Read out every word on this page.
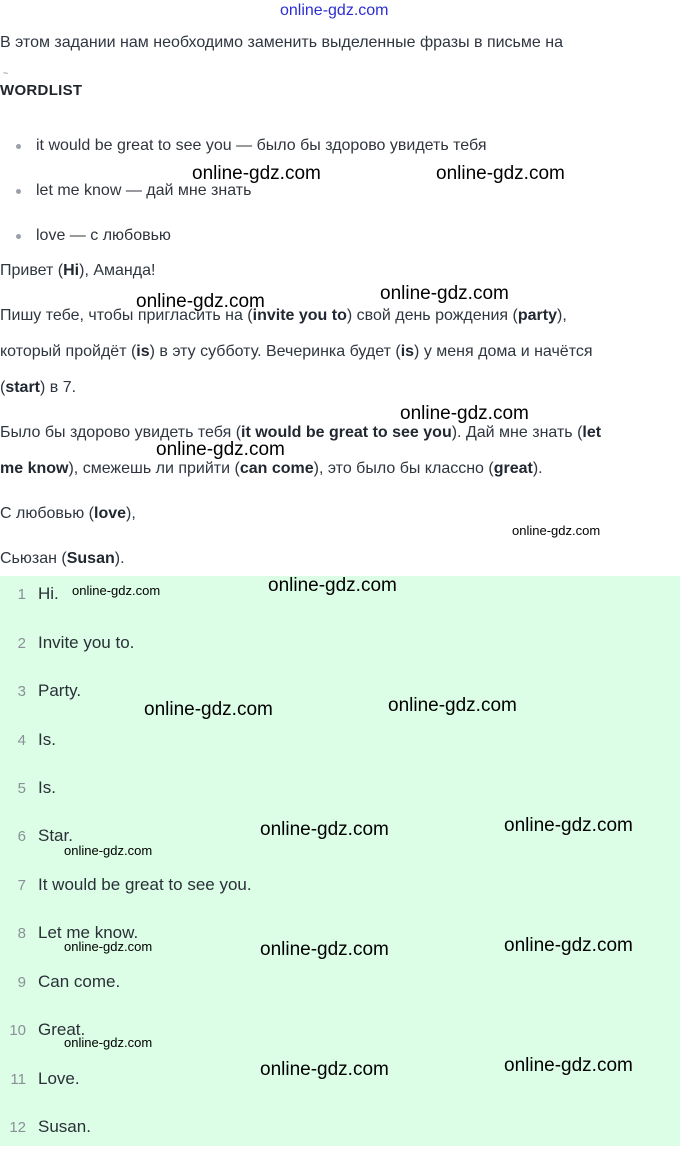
online-gdz.com
В этом задании нам необходимо заменить выделенные фразы в письме на
~
WORDLIST
it would be great to see you — было бы здорово увидеть тебя
let me know — дай мне знать
love — с любовью
Привет (Hi), Аманда!
Пишу тебе, чтобы пригласить на (invite you to) свой день рождения (party),
который пройдёт (is) в эту субботу. Вечеринка будет (is) у меня дома и начётся
(start) в 7.
Было бы здорово увидеть тебя (it would be great to see you). Дай мне знать (let
me know), смежешь ли прийти (can come), это было бы классно (great).
С любовью (love),
Сьюзан (Susan).
1 Hi.
2 Invite you to.
3 Party.
4 Is.
5 Is.
6 Star.
7 It would be great to see you.
8 Let me know.
9 Can come.
10 Great.
11 Love.
12 Susan.
online-gdz.com	online-gdz.com
online-gdz.com	online-gdz.com
online-gdz.com
online-gdz.com
online-gdz.com
online-gdz.com	online-gdz.com
online-gdz.com	online-gdz.com
online-gdz.com	online-gdz.com
online-gdz.com
online-gdz.com	online-gdz.com	online-gdz.com
online-gdz.com
online-gdz.com	online-gdz.com
